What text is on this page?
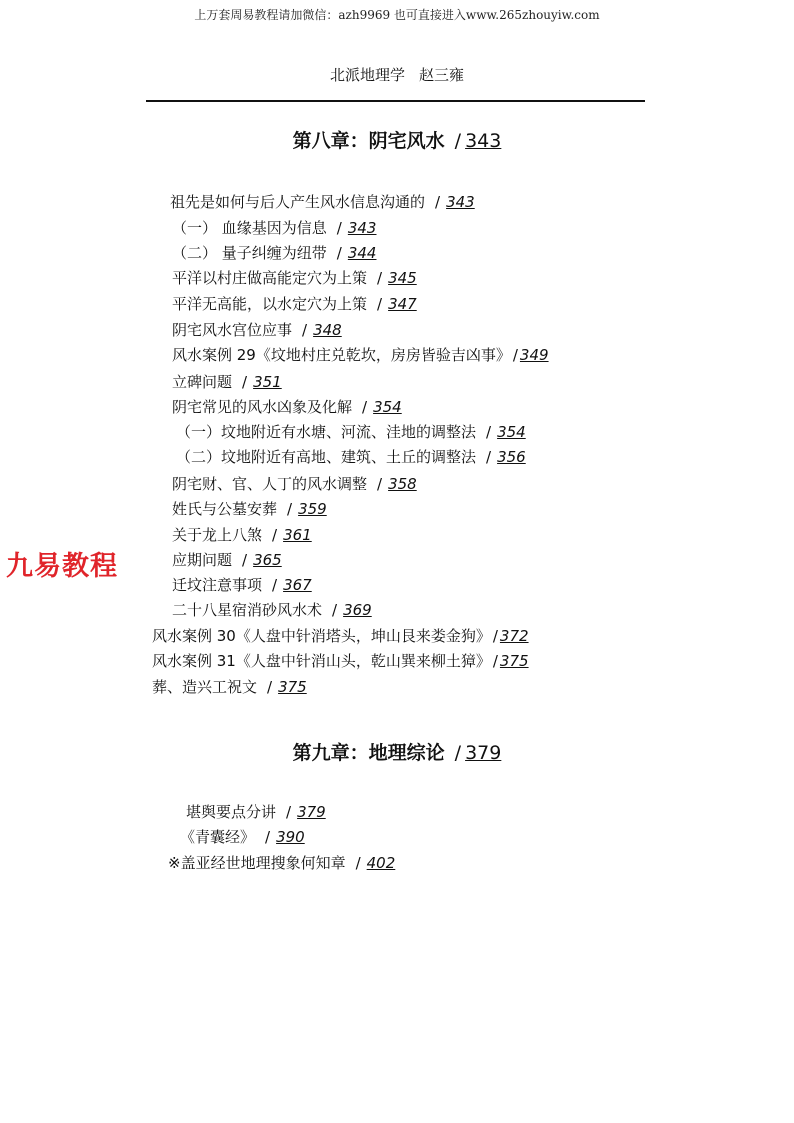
上万套周易教程请加微信：azh9969 也可直接进入www.265zhouyiw.com
北派地理学 赵三雍
第八章：阴宅风水 / 343
祖先是如何与后人产生风水信息沟通的 / 343
（一） 血缘基因为信息 / 343
（二） 量子纠缠为纽带 / 344
平洋以村庄做高能定穴为上策 / 345
平洋无高能，以水定穴为上策 / 347
阴宅风水宫位应事 / 348
风水案例 29《坟地村庄兑乾坎，房房皆验吉凶事》 / 349
立碑问题 / 351
阴宅常见的风水凶象及化解 / 354
（一）坟地附近有水塘、河流、洼地的调整法 / 354
（二）坟地附近有高地、建筑、土丘的调整法 / 356
阴宅财、官、人丁的风水调整 / 358
姓氏与公墓安葬 / 359
关于龙上八煞 / 361
应期问题 / 365
迁坟注意事项 / 367
二十八星宿消砂风水术 / 369
风水案例 30《人盘中针消塔头，坤山艮来娄金狗》 / 372
风水案例 31《人盘中针消山头，乾山巽来柳土獐》 / 375
葬、造兴工祝文 / 375
第九章：地理综论 / 379
堪舆要点分讲 / 379
《青囊经》 / 390
※盖亚经世地理搜象何知章 / 402
九易教程
